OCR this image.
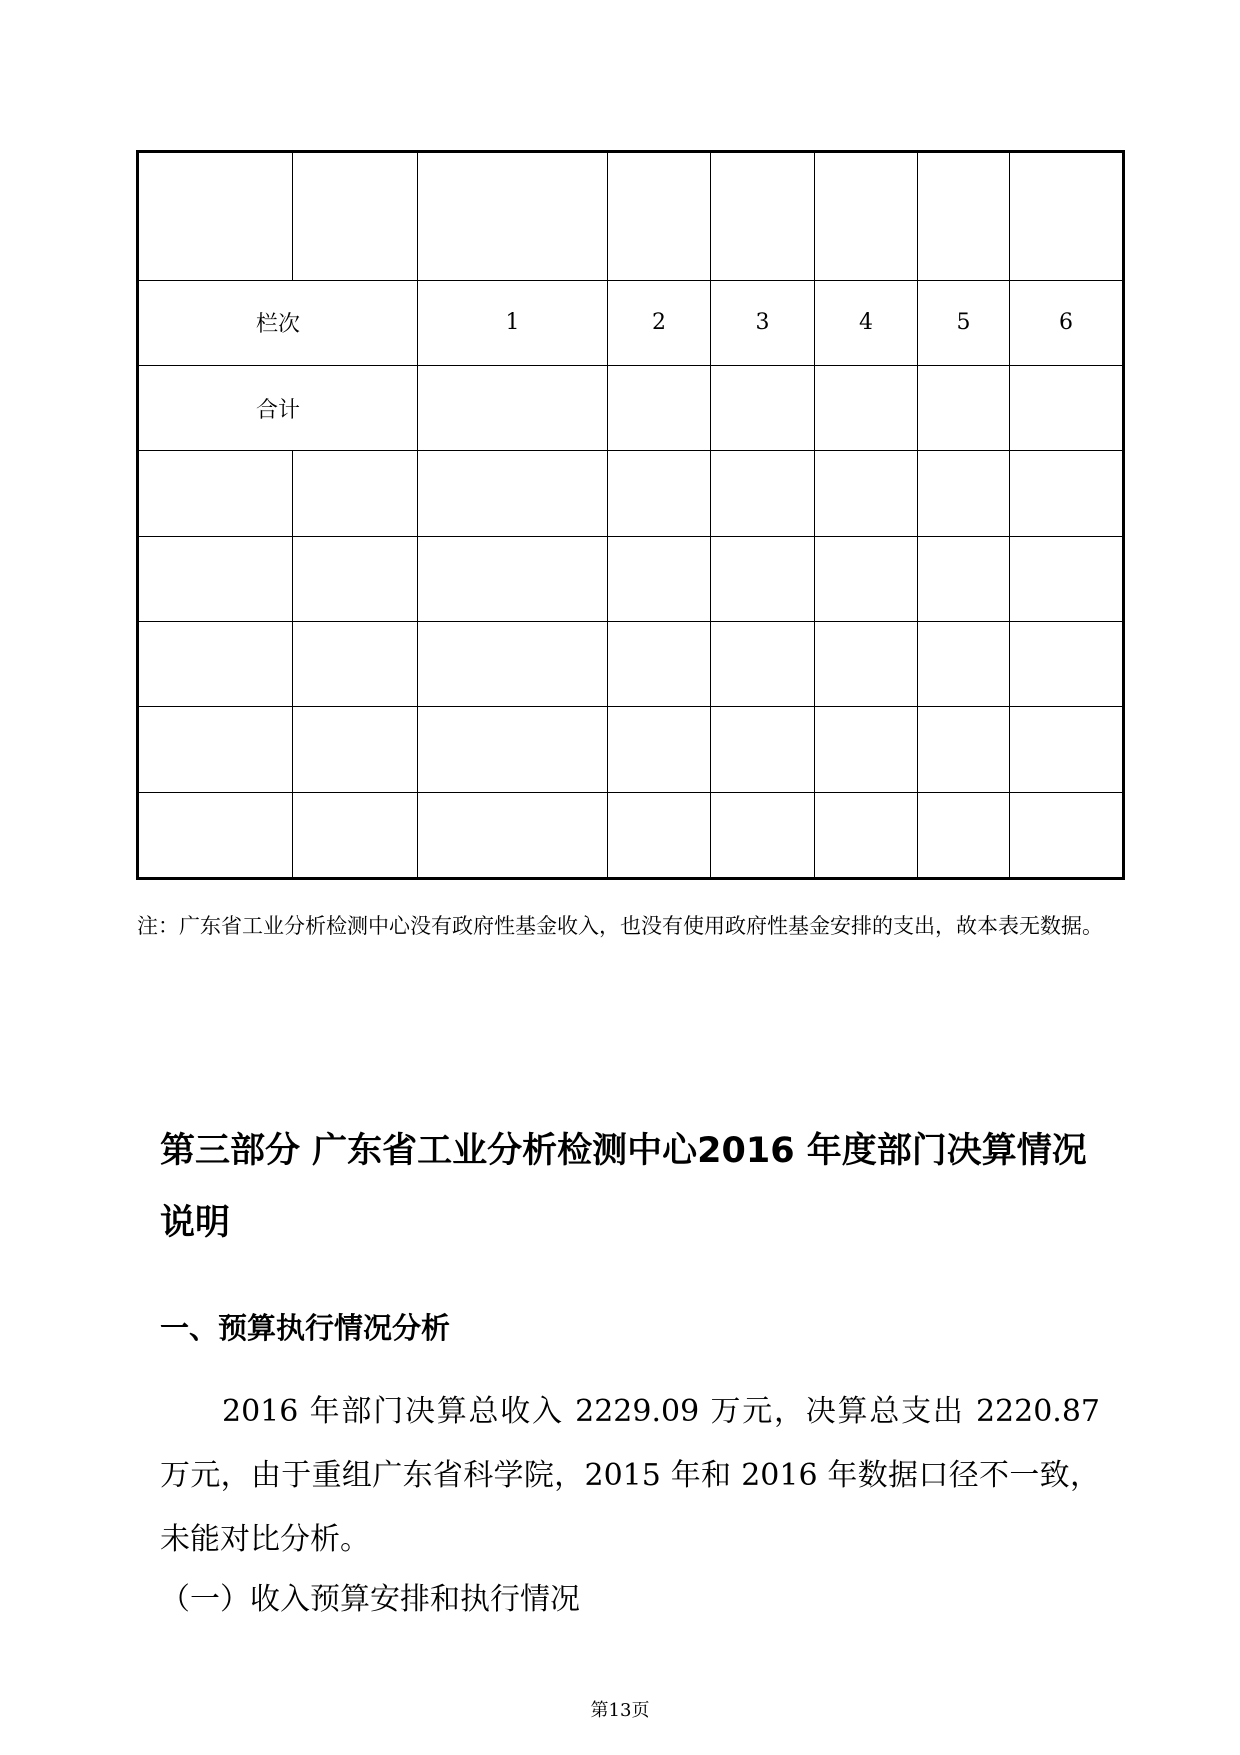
栏次		1	2	3	4	5	6
合计							

注：广东省工业分析检测中心没有政府性基金收入，也没有使用政府性基金安排的支出，故本表无数据。
第三部分 广东省工业分析检测中心2016 年度部门决算情况说明
一、预算执行情况分析
2016 年部门决算总收入 2229.09 万元，决算总支出 2220.87 万元，由于重组广东省科学院，2015 年和 2016 年数据口径不一致，未能对比分析。
（一）收入预算安排和执行情况
第13页
